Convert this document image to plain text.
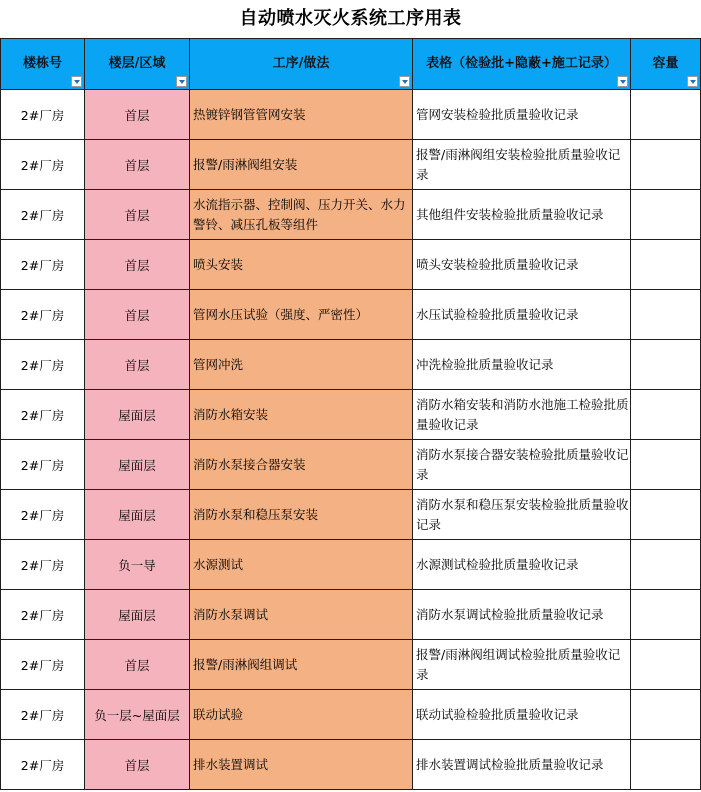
自动喷水灭火系统工序用表
楼栋号	楼层/区域	工序/做法	表格（检验批+隐蔽+施工记录）	容量

2#厂房	首层	热镀锌钢管管网安装	管网安装检验批质量验收记录	
2#厂房	首层	报警/雨淋阀组安装	报警/雨淋阀组安装检验批质量验收记录	
2#厂房	首层	水流指示器、控制阀、压力开关、水力警铃、减压孔板等组件	其他组件安装检验批质量验收记录	
2#厂房	首层	喷头安装	喷头安装检验批质量验收记录	
2#厂房	首层	管网水压试验（强度、严密性）	水压试验检验批质量验收记录	
2#厂房	首层	管网冲洗	冲洗检验批质量验收记录	
2#厂房	屋面层	消防水箱安装	消防水箱安装和消防水池施工检验批质量验收记录	
2#厂房	屋面层	消防水泵接合器安装	消防水泵接合器安装检验批质量验收记录	
2#厂房	屋面层	消防水泵和稳压泵安装	消防水泵和稳压泵安装检验批质量验收记录	
2#厂房	负一导	水源测试	水源测试检验批质量验收记录	
2#厂房	屋面层	消防水泵调试	消防水泵调试检验批质量验收记录	
2#厂房	首层	报警/雨淋阀组调试	报警/雨淋阀组调试检验批质量验收记录	
2#厂房	负一层~屋面层	联动试验	联动试验检验批质量验收记录	
2#厂房	首层	排水装置调试	排水装置调试检验批质量验收记录	
